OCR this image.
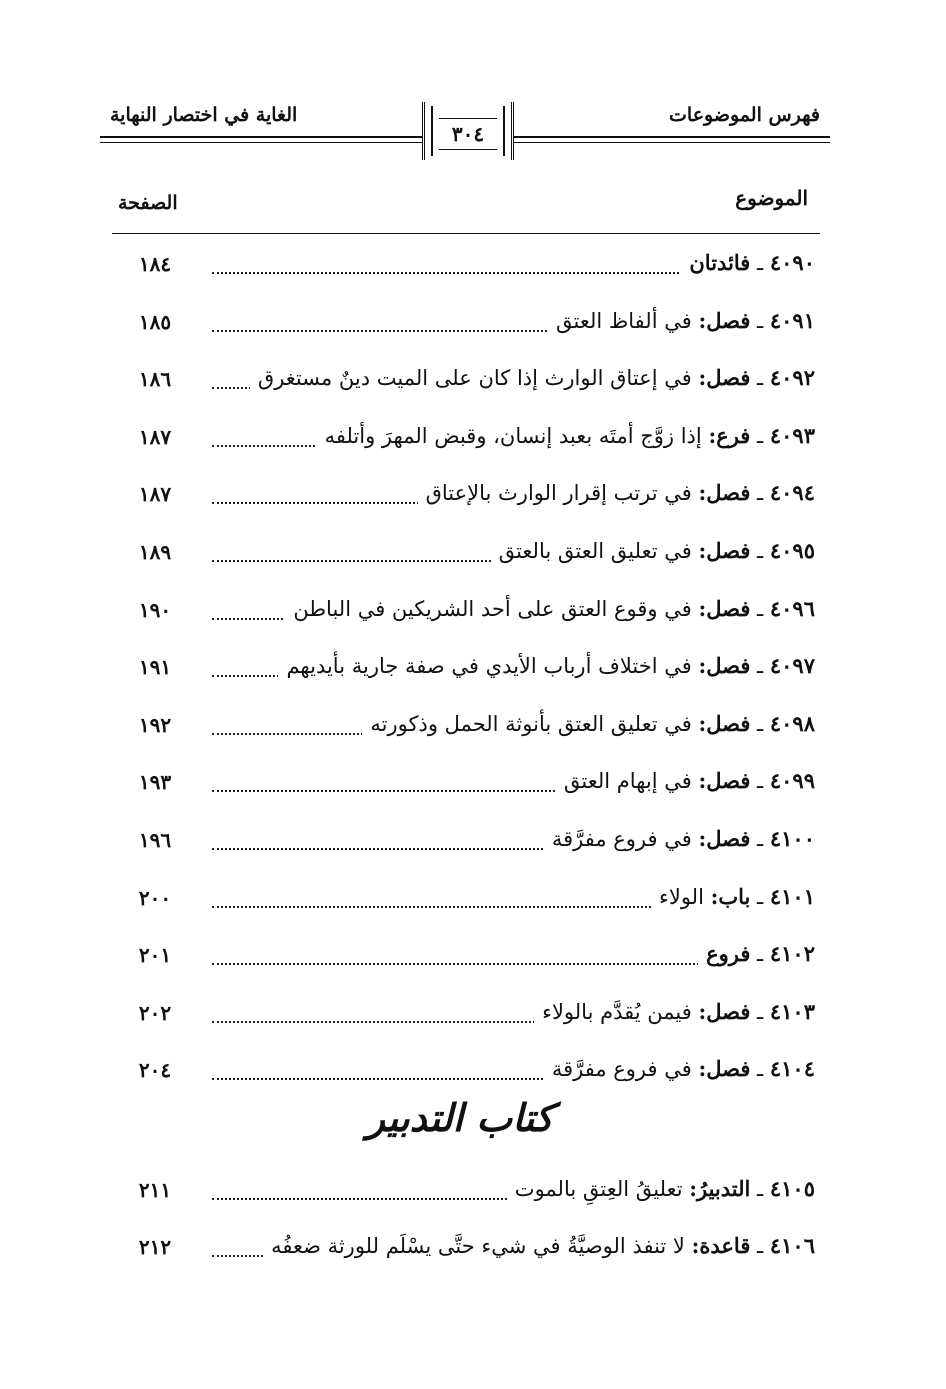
فهرس الموضوعات
الغاية في اختصار النهاية
٣٠٤
الموضوع
الصفحة
٤٠٩٠ ـ فائدتان
١٨٤
٤٠٩١ ـ فصل: في ألفاظ العتق
١٨٥
٤٠٩٢ ـ فصل: في إعتاق الوارث إذا كان على الميت دينٌ مستغرق
١٨٦
٤٠٩٣ ـ فرع: إذا زوَّج أمتَه بعبد إنسان، وقبض المهرَ وأتلفه
١٨٧
٤٠٩٤ ـ فصل: في ترتب إقرار الوارث بالإعتاق
١٨٧
٤٠٩٥ ـ فصل: في تعليق العتق بالعتق
١٨٩
٤٠٩٦ ـ فصل: في وقوع العتق على أحد الشريكين في الباطن
١٩٠
٤٠٩٧ ـ فصل: في اختلاف أرباب الأيدي في صفة جارية بأيديهم
١٩١
٤٠٩٨ ـ فصل: في تعليق العتق بأنوثة الحمل وذكورته
١٩٢
٤٠٩٩ ـ فصل: في إبهام العتق
١٩٣
٤١٠٠ ـ فصل: في فروع مفرَّقة
١٩٦
٤١٠١ ـ باب: الولاء
٢٠٠
٤١٠٢ ـ فروع
٢٠١
٤١٠٣ ـ فصل: فيمن يُقدَّم بالولاء
٢٠٢
٤١٠٤ ـ فصل: في فروع مفرَّقة
٢٠٤
كتاب التدبير
٤١٠٥ ـ التدبيرُ: تعليقُ العِتقِ بالموت
٢١١
٤١٠٦ ـ قاعدة: لا تنفذ الوصيَّةُ في شيء حتَّى يسْلَم للورثة ضعفُه
٢١٢
